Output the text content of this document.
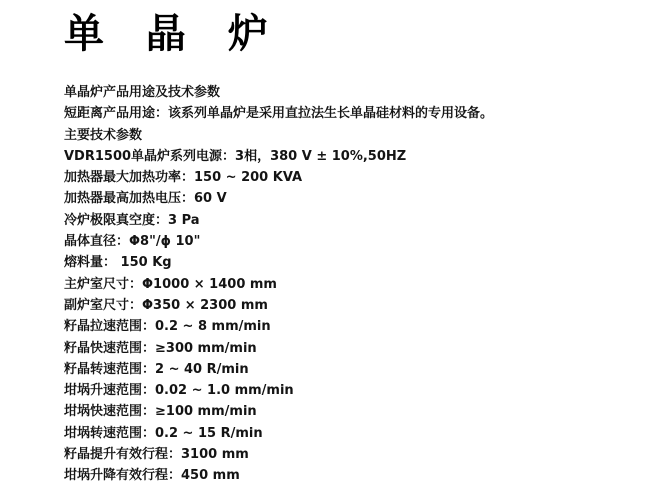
单 晶 炉
单晶炉产品用途及技术参数
短距离产品用途：该系列单晶炉是采用直拉法生长单晶硅材料的专用设备。
主要技术参数
VDR1500单晶炉系列电源：3相，380 V ± 10%,50HZ
加热器最大加热功率：150 ~ 200 KVA
加热器最高加热电压：60 V
冷炉极限真空度：3 Pa
晶体直径：Φ8"/ϕ 10"
熔料量： 150 Kg
主炉室尺寸：Φ1000 × 1400 mm
副炉室尺寸：Φ350 × 2300 mm
籽晶拉速范围：0.2 ~ 8 mm/min
籽晶快速范围：≥300 mm/min
籽晶转速范围：2 ~ 40 R/min
坩埚升速范围：0.02 ~ 1.0 mm/min
坩埚快速范围：≥100 mm/min
坩埚转速范围：0.2 ~ 15 R/min
籽晶提升有效行程：3100 mm
坩埚升降有效行程：450 mm
